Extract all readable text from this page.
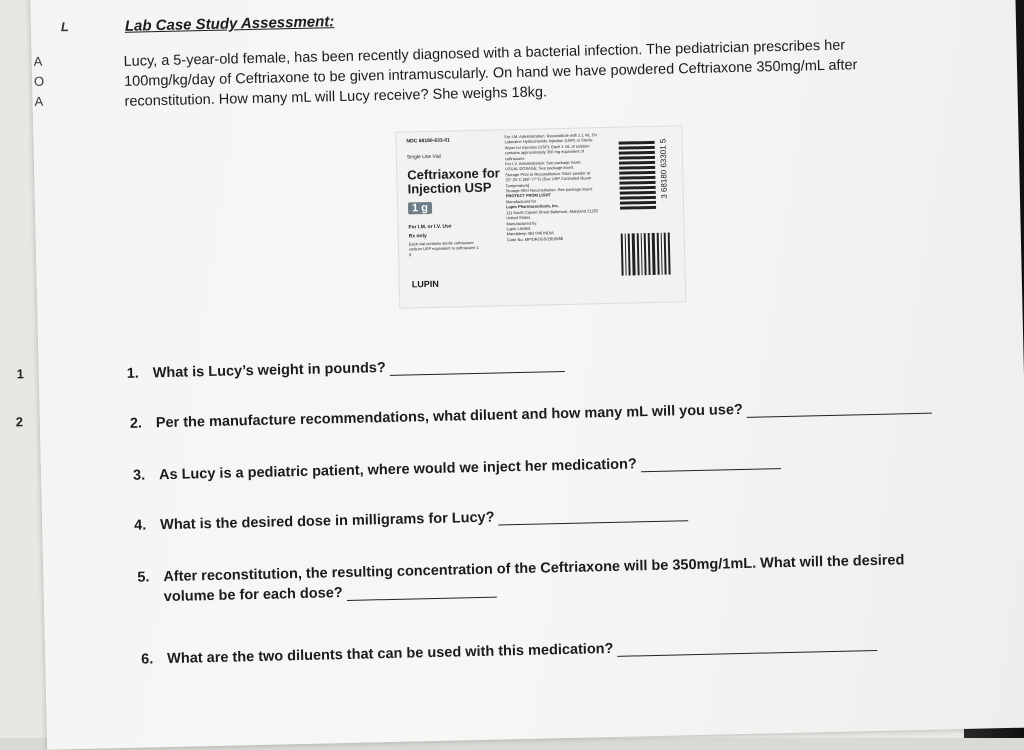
L
A
O
A
Lab Case Study Assessment:
Lucy, a 5-year-old female, has been recently diagnosed with a bacterial infection. The pediatrician prescribes her 100mg/kg/day of Ceftriaxone to be given intramuscularly. On hand we have powdered Ceftriaxone 350mg/mL after reconstitution. How many mL will Lucy receive? She weighs 18kg.
NDC 68180-633-01
Single Use Vial
Ceftriaxone for
Injection USP
1 g
For I.M. or I.V. Use
Rx only
Each vial contains sterile ceftriaxone sodium USP equivalent to ceftriaxone 1 g
LUPIN
For I.M. Administration: Reconstitute with 2.1 mL 1% Lidocaine Hydrochloride Injection (USP) or Sterile Water for Injection (USP). Each 1 mL of solution contains approximately 350 mg equivalent of ceftriaxone
For I.V. Administration: See package insert.
USUAL DOSAGE: See package insert.
Storage Prior to Reconstitution: Store powder at 20°-25°C (68°-77°F) [See USP Controlled Room Temperature].
Storage After Reconstitution: See package insert.
PROTECT FROM LIGHT
Manufactured for
Lupin Pharmaceuticals, Inc.
111 South Calvert Street Baltimore, Maryland 21202 United States
Manufactured by:
Lupin Limited
Mandideep 462 046 INDIA
Code No. MP/DRUGS/28/16/88
3 68180 63301 5
1
2
1. What is Lucy’s weight in pounds?
2. Per the manufacture recommendations, what diluent and how many mL will you use?
3. As Lucy is a pediatric patient, where would we inject her medication?
4. What is the desired dose in milligrams for Lucy?
5. After reconstitution, the resulting concentration of the Ceftriaxone will be 350mg/1mL. What will the desired
volume be for each dose?
6. What are the two diluents that can be used with this medication?
